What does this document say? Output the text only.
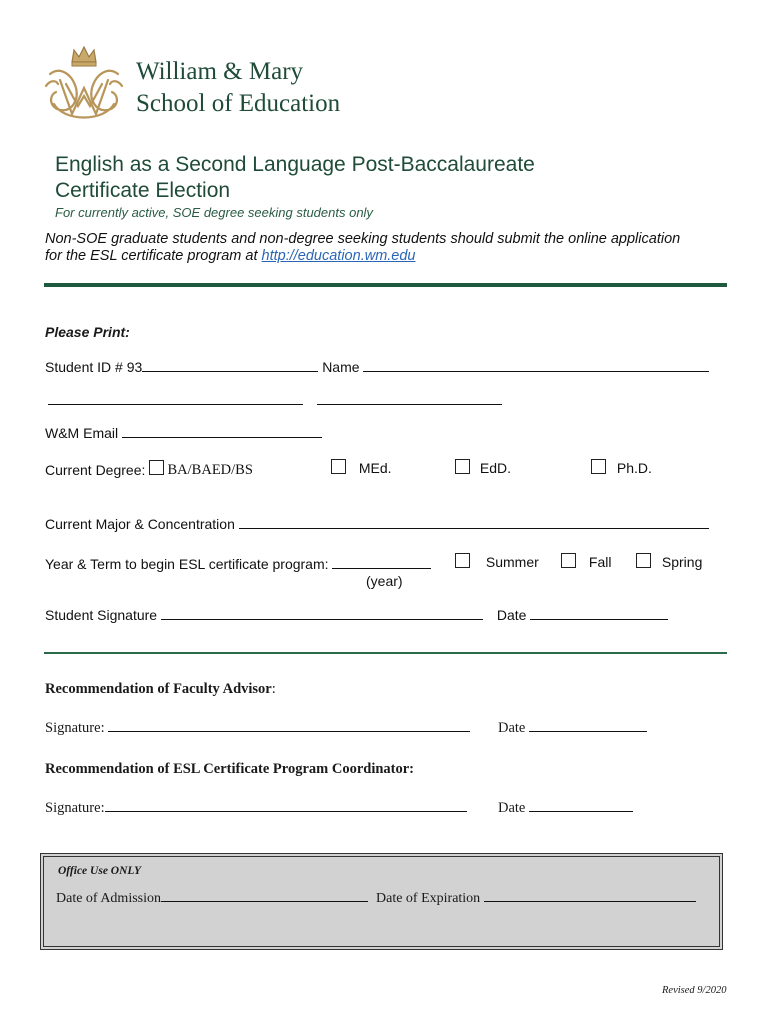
William & Mary
School of Education
English as a Second Language Post-Baccalaureate
Certificate Election
For currently active, SOE degree seeking students only
Non-SOE graduate students and non-degree seeking students should submit the online application
for the ESL certificate program at http://education.wm.edu
Please Print:
Student ID # 93	Name

W&M Email
Current Degree:	BA/BAED/BS	MEd.	EdD.	Ph.D.
Current Major & Concentration
Year & Term to begin ESL certificate program:
(year)
Summer	Fall	Spring
Student Signature	Date
Recommendation of Faculty Advisor:
Signature:	Date
Recommendation of ESL Certificate Program Coordinator:
Signature:	Date
Office Use ONLY
Date of Admission	Date of Expiration
Revised 9/2020
